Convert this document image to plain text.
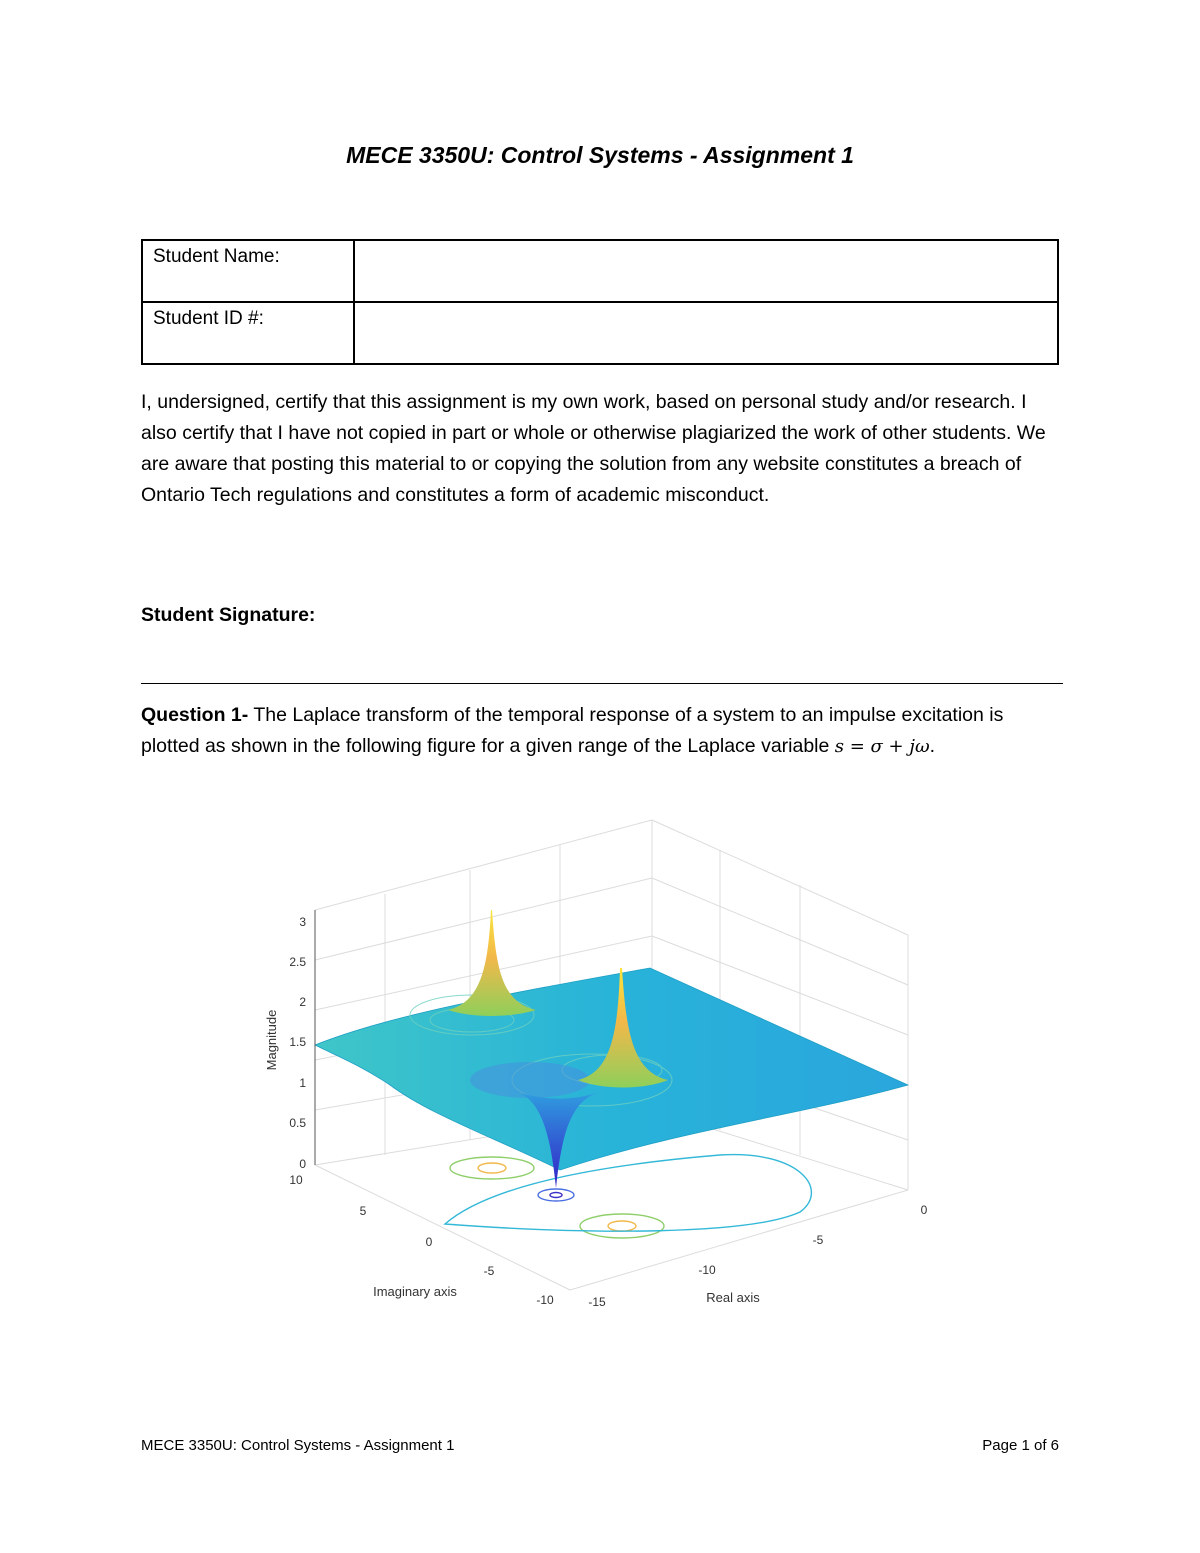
MECE 3350U: Control Systems - Assignment 1
Student Name:	
Student ID #:	

I, undersigned, certify that this assignment is my own work, based on personal study and/or research. I also certify that I have not copied in part or whole or otherwise plagiarized the work of other students. We are aware that posting this material to or copying the solution from any website constitutes a breach of Ontario Tech regulations and constitutes a form of academic misconduct.

Student Signature:
Question 1- The Laplace transform of the temporal response of a system to an impulse excitation is plotted as shown in the following figure for a given range of the Laplace variable s = σ + jω.
0
0.5
1
1.5
2
2.5
3
Magnitude
10
5
0
-5
-10
Imaginary axis
-15
-10
-5
0
Real axis
MECE 3350U: Control Systems - Assignment 1	Page 1 of 6
